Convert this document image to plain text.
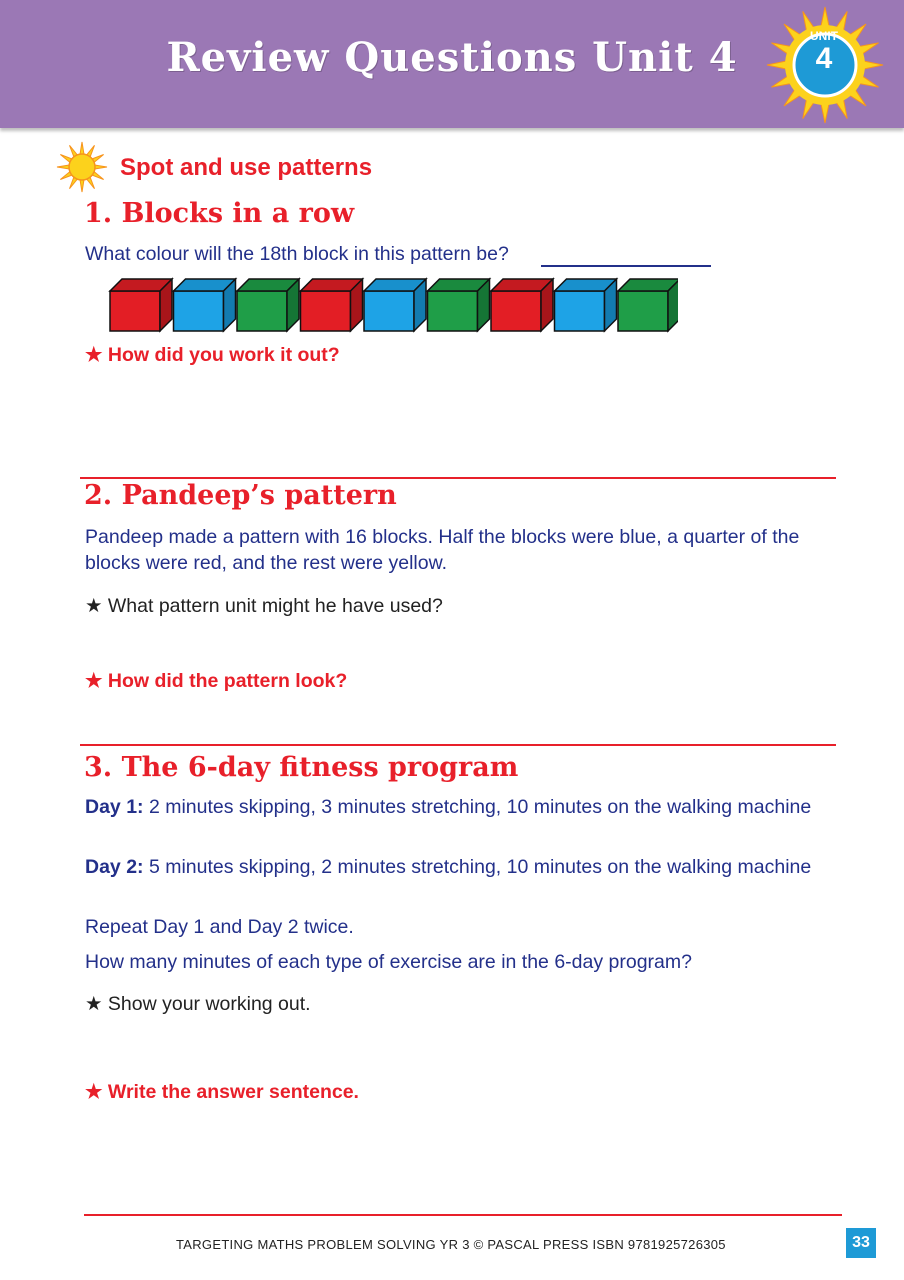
Review Questions Unit 4	UNIT
4
Spot and use patterns
1. Blocks in a row
What colour will the 18th block in this pattern be?
★ How did you work it out?
2. Pandeep’s pattern
Pandeep made a pattern with 16 blocks. Half the blocks were blue, a quarter of the blocks were red, and the rest were yellow.
★ What pattern unit might he have used?
★ How did the pattern look?
3. The 6-day fitness program
Day 1: 2 minutes skipping, 3 minutes stretching, 10 minutes on the walking machine
Day 2: 5 minutes skipping, 2 minutes stretching, 10 minutes on the walking machine
Repeat Day 1 and Day 2 twice.
How many minutes of each type of exercise are in the 6-day program?
★ Show your working out.
★ Write the answer sentence.
TARGETING MATHS PROBLEM SOLVING YR 3 © PASCAL PRESS ISBN 9781925726305	33
